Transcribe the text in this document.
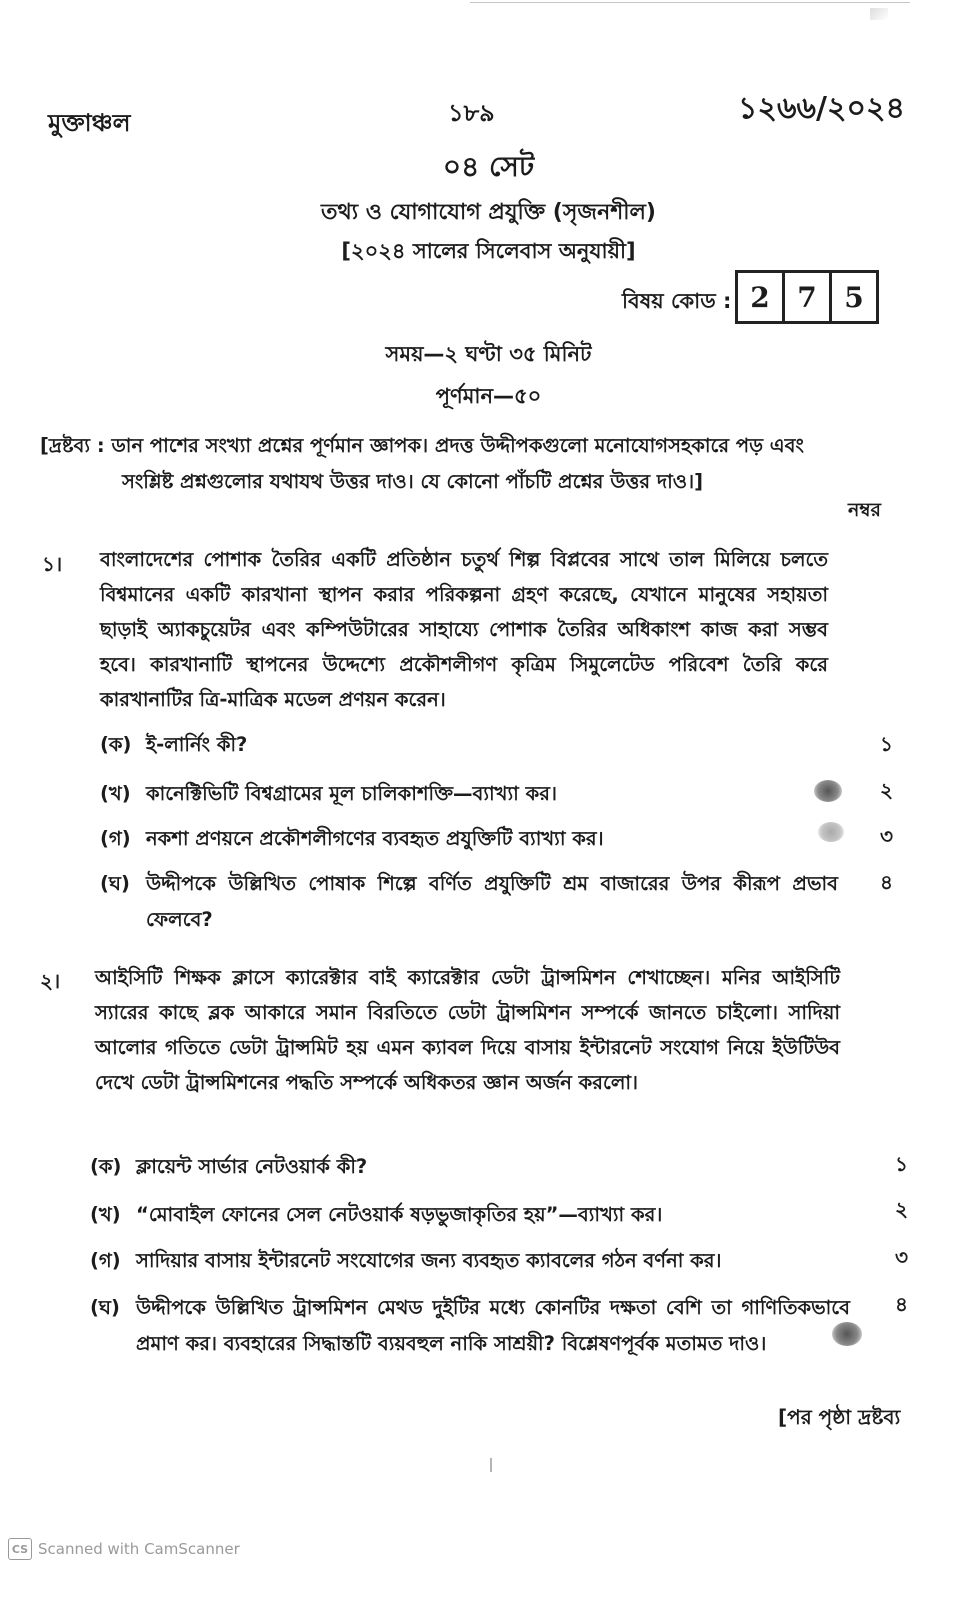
মুক্তাঞ্চল	১৮৯	১২৬৬/২০২৪
০৪ সেট
তথ্য ও যোগাযোগ প্রযুক্তি (সৃজনশীল)
[২০২৪ সালের সিলেবাস অনুযায়ী]
বিষয় কোড : 2 7 5
সময়—২ ঘণ্টা ৩৫ মিনিট
পূর্ণমান—৫০
[দ্রষ্টব্য : ডান পাশের সংখ্যা প্রশ্নের পূর্ণমান জ্ঞাপক। প্রদত্ত উদ্দীপকগুলো মনোযোগসহকারে পড় এবং
সংশ্লিষ্ট প্রশ্নগুলোর যথাযথ উত্তর দাও। যে কোনো পাঁচটি প্রশ্নের উত্তর দাও।]
নম্বর
১। বাংলাদেশের পোশাক তৈরির একটি প্রতিষ্ঠান চতুর্থ শিল্প বিপ্লবের সাথে তাল মিলিয়ে চলতে বিশ্বমানের একটি কারখানা স্থাপন করার পরিকল্পনা গ্রহণ করেছে, যেখানে মানুষের সহায়তা ছাড়াই অ্যাকচুয়েটর এবং কম্পিউটারের সাহায্যে পোশাক তৈরির অধিকাংশ কাজ করা সম্ভব হবে। কারখানাটি স্থাপনের উদ্দেশ্যে প্রকৌশলীগণ কৃত্রিম সিমুলেটেড পরিবেশ তৈরি করে কারখানাটির ত্রি-মাত্রিক মডেল প্রণয়ন করেন।
(ক) ই-লার্নিং কী?	১
(খ) কানেক্টিভিটি বিশ্বগ্রামের মূল চালিকাশক্তি—ব্যাখ্যা কর।	২
(গ) নকশা প্রণয়নে প্রকৌশলীগণের ব্যবহৃত প্রযুক্তিটি ব্যাখ্যা কর।	৩
(ঘ) উদ্দীপকে উল্লিখিত পোষাক শিল্পে বর্ণিত প্রযুক্তিটি শ্রম বাজারের উপর কীরূপ প্রভাব ফেলবে?
৪
২। আইসিটি শিক্ষক ক্লাসে ক্যারেক্টার বাই ক্যারেক্টার ডেটা ট্রান্সমিশন শেখাচ্ছেন। মনির আইসিটি স্যারের কাছে ব্লক আকারে সমান বিরতিতে ডেটা ট্রান্সমিশন সম্পর্কে জানতে চাইলো। সাদিয়া আলোর গতিতে ডেটা ট্রান্সমিট হয় এমন ক্যাবল দিয়ে বাসায় ইন্টারনেট সংযোগ নিয়ে ইউটিউব দেখে ডেটা ট্রান্সমিশনের পদ্ধতি সম্পর্কে অধিকতর জ্ঞান অর্জন করলো।
(ক) ক্লায়েন্ট সার্ভার নেটওয়ার্ক কী?	১
(খ) “মোবাইল ফোনের সেল নেটওয়ার্ক ষড়ভুজাকৃতির হয়”—ব্যাখ্যা কর।	২
(গ) সাদিয়ার বাসায় ইন্টারনেট সংযোগের জন্য ব্যবহৃত ক্যাবলের গঠন বর্ণনা কর।	৩
(ঘ) উদ্দীপকে উল্লিখিত ট্রান্সমিশন মেথড দুইটির মধ্যে কোনটির দক্ষতা বেশি তা গাণিতিকভাবে প্রমাণ কর। ব্যবহারের সিদ্ধান্তটি ব্যয়বহুল নাকি সাশ্রয়ী? বিশ্লেষণপূর্বক মতামত দাও।
৪
[পর পৃষ্ঠা দ্রষ্টব্য
CS Scanned with CamScanner
